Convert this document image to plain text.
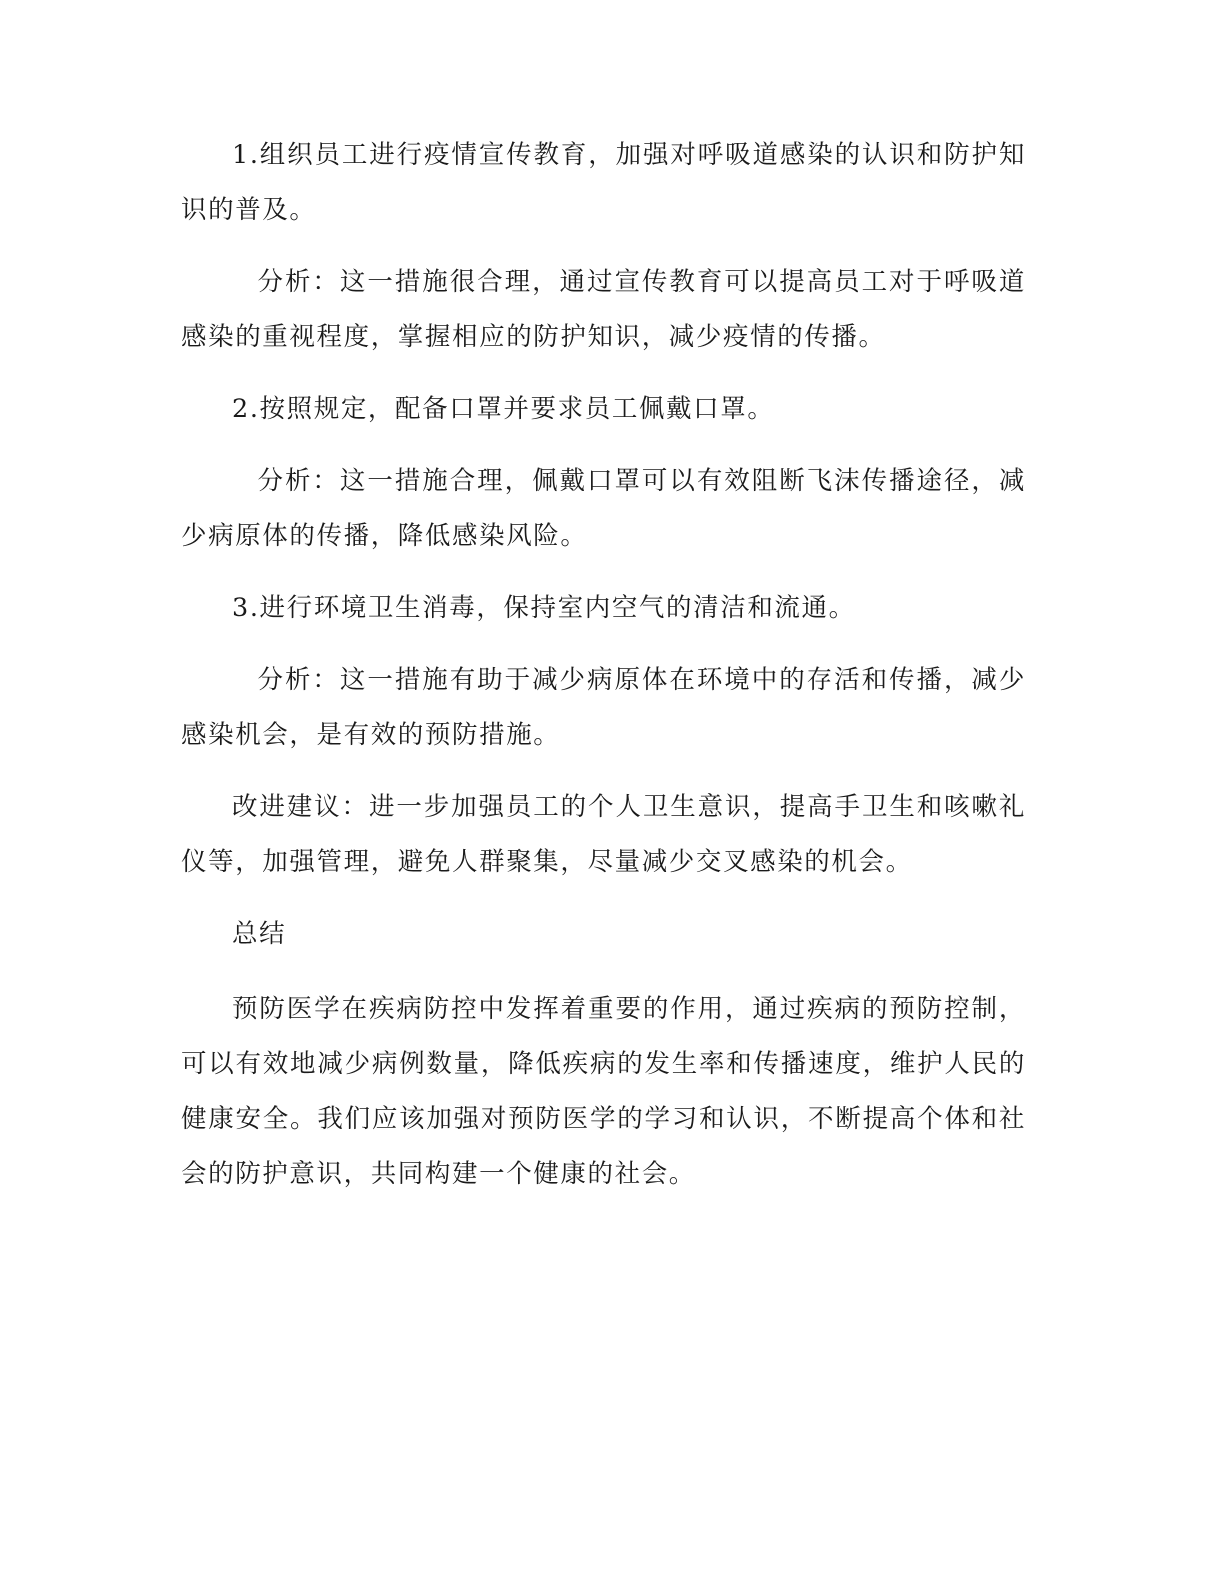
1.组织员工进行疫情宣传教育，加强对呼吸道感染的认识和防护知识的普及。

分析：这一措施很合理，通过宣传教育可以提高员工对于呼吸道感染的重视程度，掌握相应的防护知识，减少疫情的传播。

2.按照规定，配备口罩并要求员工佩戴口罩。

分析：这一措施合理，佩戴口罩可以有效阻断飞沫传播途径，减少病原体的传播，降低感染风险。

3.进行环境卫生消毒，保持室内空气的清洁和流通。

分析：这一措施有助于减少病原体在环境中的存活和传播，减少感染机会，是有效的预防措施。

改进建议：进一步加强员工的个人卫生意识，提高手卫生和咳嗽礼仪等，加强管理，避免人群聚集，尽量减少交叉感染的机会。

总结

预防医学在疾病防控中发挥着重要的作用，通过疾病的预防控制，可以有效地减少病例数量，降低疾病的发生率和传播速度，维护人民的健康安全。我们应该加强对预防医学的学习和认识，不断提高个体和社会的防护意识，共同构建一个健康的社会。
